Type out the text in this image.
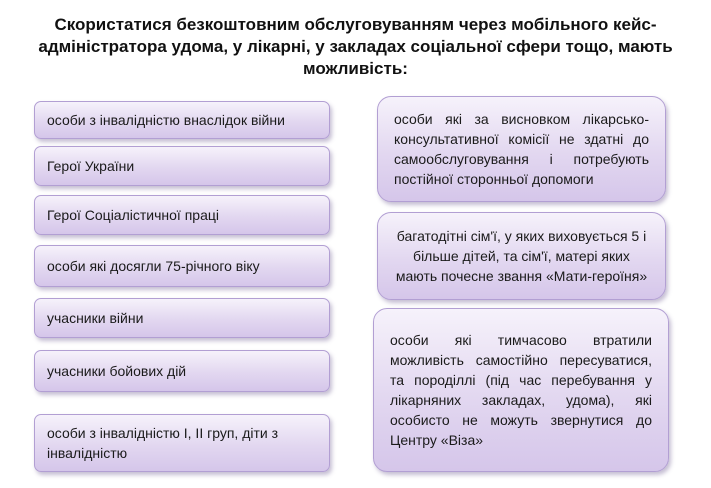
Скористатися безкоштовним обслуговуванням через мобільного кейс-адміністратора удома, у лікарні, у закладах соціальної сфери тощо, мають можливість:
особи з інвалідністю внаслідок війни
Герої України
Герої Соціалістичної праці
особи які досягли 75-річного віку
учасники війни
учасники бойових дій
особи з інвалідністю I, II груп, діти з інвалідністю
особи які за висновком лікарсько-консультативної комісії не здатні до самообслуговування і потребують постійної сторонньої допомоги
багатодітні сім'ї, у яких виховується 5 і більше дітей, та сім'ї, матері яких мають почесне звання «Мати-героїня»
особи які тимчасово втратили можливість самостійно пересуватися, та породіллі (під час перебування у лікарняних закладах, удома), які особисто не можуть звернутися до Центру «Віза»
